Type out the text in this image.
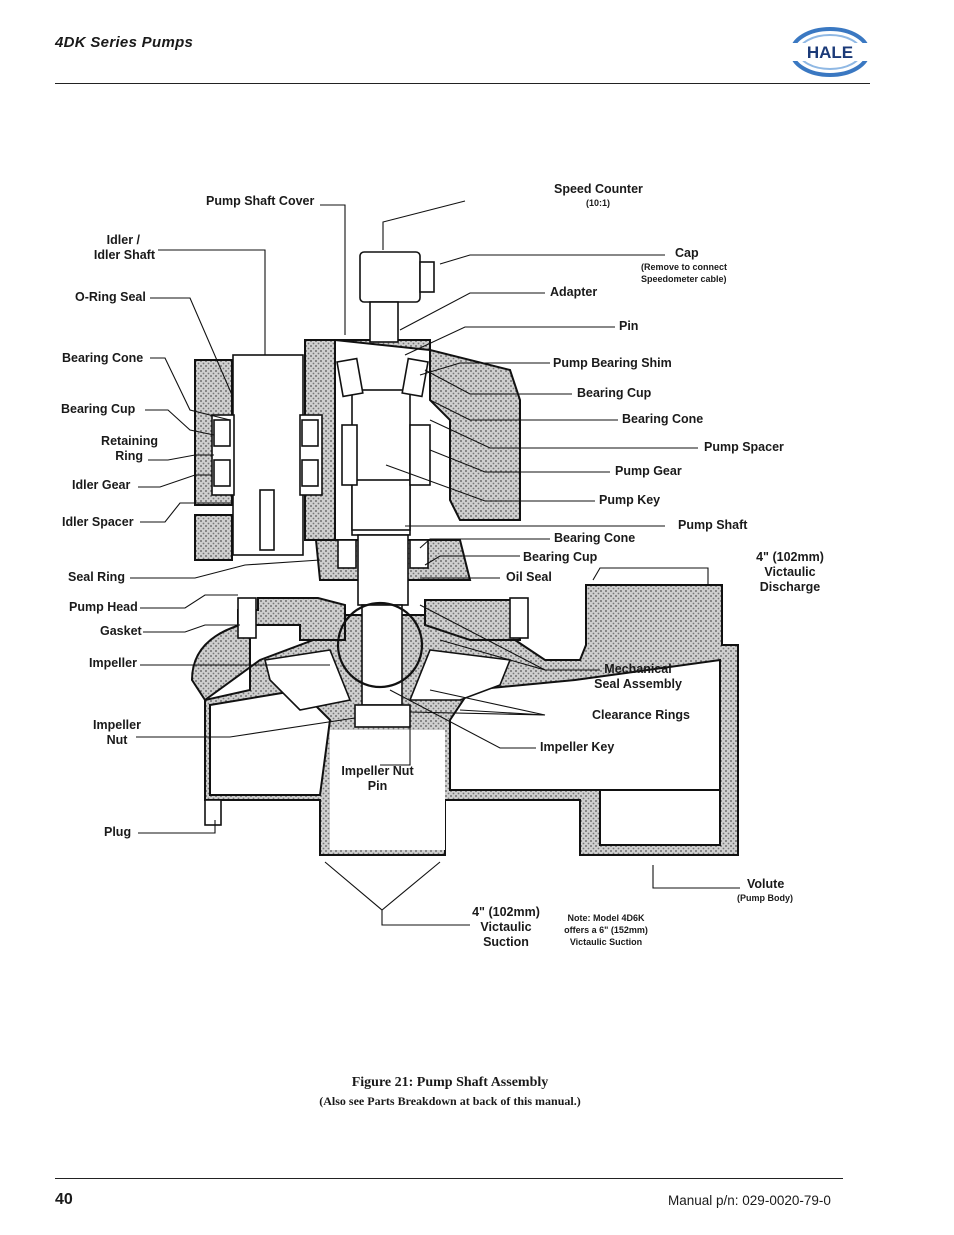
4DK Series Pumps
HALE
Pump Shaft Cover
Speed Counter
(10:1)
Idler /
Idler Shaft	Cap
(Remove to connect
Speedometer cable)
O-Ring Seal	Adapter
Pin
Bearing Cone	Pump Bearing Shim
Bearing Cup
Bearing Cup
Bearing Cone
Retaining
Ring
Pump Spacer
Pump Gear
Idler Gear
Pump Key
Idler Spacer	Pump Shaft
Bearing Cone
Bearing Cup	4" (102mm)
Victaulic
Discharge
Seal Ring	Oil Seal
Pump Head
Gasket
Impeller	Mechanical
Seal Assembly
Clearance Rings
Impeller
Nut	Impeller Key
Impeller Nut
Pin
Plug
Volute
(Pump Body)
4" (102mm)
Victaulic
Suction
Note: Model 4D6K
offers a 6" (152mm)
Victaulic Suction
Figure 21: Pump Shaft Assembly
(Also see Parts Breakdown at back of this manual.)
40	Manual p/n: 029-0020-79-0
